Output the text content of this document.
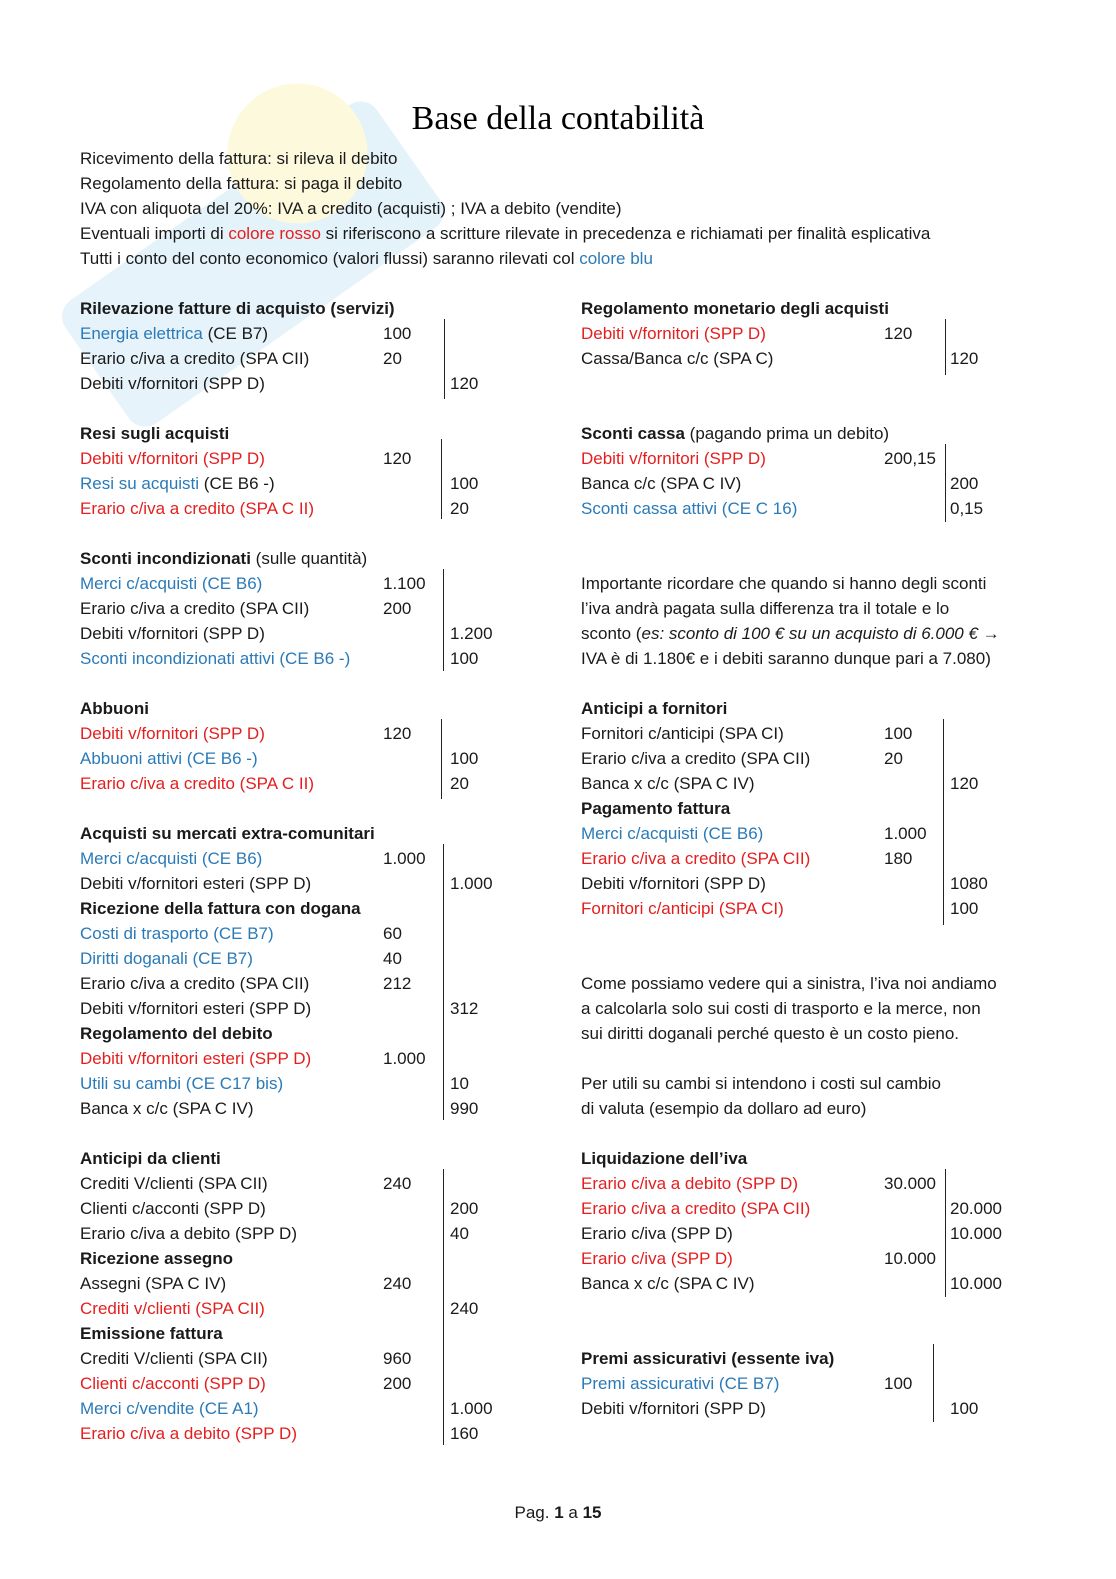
Base della contabilità
Ricevimento della fattura: si rileva il debito
Regolamento della fattura: si paga il debito
IVA con aliquota del 20%: IVA a credito (acquisti) ; IVA a debito (vendite)
Eventuali importi di colore rosso si riferiscono a scritture rilevate in precedenza e richiamati per finalità esplicativa
Tutti i conto del conto economico (valori flussi) saranno rilevati col colore blu
Rilevazione fatture di acquisto (servizi)
Energia elettrica (CE B7)	100
Erario c/iva a credito (SPA CII)	20
Debiti v/fornitori (SPP D)	120
Resi sugli acquisti
Debiti v/fornitori (SPP D)	120
Resi su acquisti (CE B6 -)	100
Erario c/iva a credito (SPA C II)	20
Sconti incondizionati (sulle quantità)
Merci c/acquisti (CE B6)	1.100
Erario c/iva a credito (SPA CII)	200
Debiti v/fornitori (SPP D)	1.200
Sconti incondizionati attivi (CE B6 -)	100
Abbuoni
Debiti v/fornitori (SPP D)	120
Abbuoni attivi (CE B6 -)	100
Erario c/iva a credito (SPA C II)	20
Acquisti su mercati extra-comunitari
Merci c/acquisti (CE B6)	1.000
Debiti v/fornitori esteri (SPP D)	1.000
Ricezione della fattura con dogana
Costi di trasporto (CE B7)	60
Diritti doganali (CE B7)	40
Erario c/iva a credito (SPA CII)	212
Debiti v/fornitori esteri (SPP D)	312
Regolamento del debito
Debiti v/fornitori esteri (SPP D)	1.000
Utili su cambi (CE C17 bis)	10
Banca x c/c (SPA C IV)	990
Anticipi da clienti
Crediti V/clienti (SPA CII)	240
Clienti c/acconti (SPP D)	200
Erario c/iva a debito (SPP D)	40
Ricezione assegno
Assegni (SPA C IV)	240
Crediti v/clienti (SPA CII)	240
Emissione fattura
Crediti V/clienti (SPA CII)	960
Clienti c/acconti (SPP D)	200
Merci c/vendite (CE A1)	1.000
Erario c/iva a debito (SPP D)	160
Regolamento monetario degli acquisti
Debiti v/fornitori (SPP D)	120
Cassa/Banca c/c (SPA C)	120
Sconti cassa (pagando prima un debito)
Debiti v/fornitori (SPP D)	200,15
Banca c/c (SPA C IV)	200
Sconti cassa attivi (CE C 16)	0,15
Importante ricordare che quando si hanno degli sconti
l’iva andrà pagata sulla differenza tra il totale e lo
sconto (es: sconto di 100 € su un acquisto di 6.000 € →
IVA è di 1.180€ e i debiti saranno dunque pari a 7.080)
Anticipi a fornitori
Fornitori c/anticipi (SPA CI)	100
Erario c/iva a credito (SPA CII)	20
Banca x c/c (SPA C IV)	120
Pagamento fattura
Merci c/acquisti (CE B6)	1.000
Erario c/iva a credito (SPA CII)	180
Debiti v/fornitori (SPP D)	1080
Fornitori c/anticipi (SPA CI)	100
Come possiamo vedere qui a sinistra, l’iva noi andiamo
a calcolarla solo sui costi di trasporto e la merce, non
sui diritti doganali perché questo è un costo pieno.
Per utili su cambi si intendono i costi sul cambio
di valuta (esempio da dollaro ad euro)
Liquidazione dell’iva
Erario c/iva a debito (SPP D)	30.000
Erario c/iva a credito (SPA CII)	20.000
Erario c/iva (SPP D)	10.000
Erario c/iva (SPP D)	10.000
Banca x c/c (SPA C IV)	10.000
Premi assicurativi (essente iva)
Premi assicurativi (CE B7)	100
Debiti v/fornitori (SPP D)	100
Pag. 1 a 15
